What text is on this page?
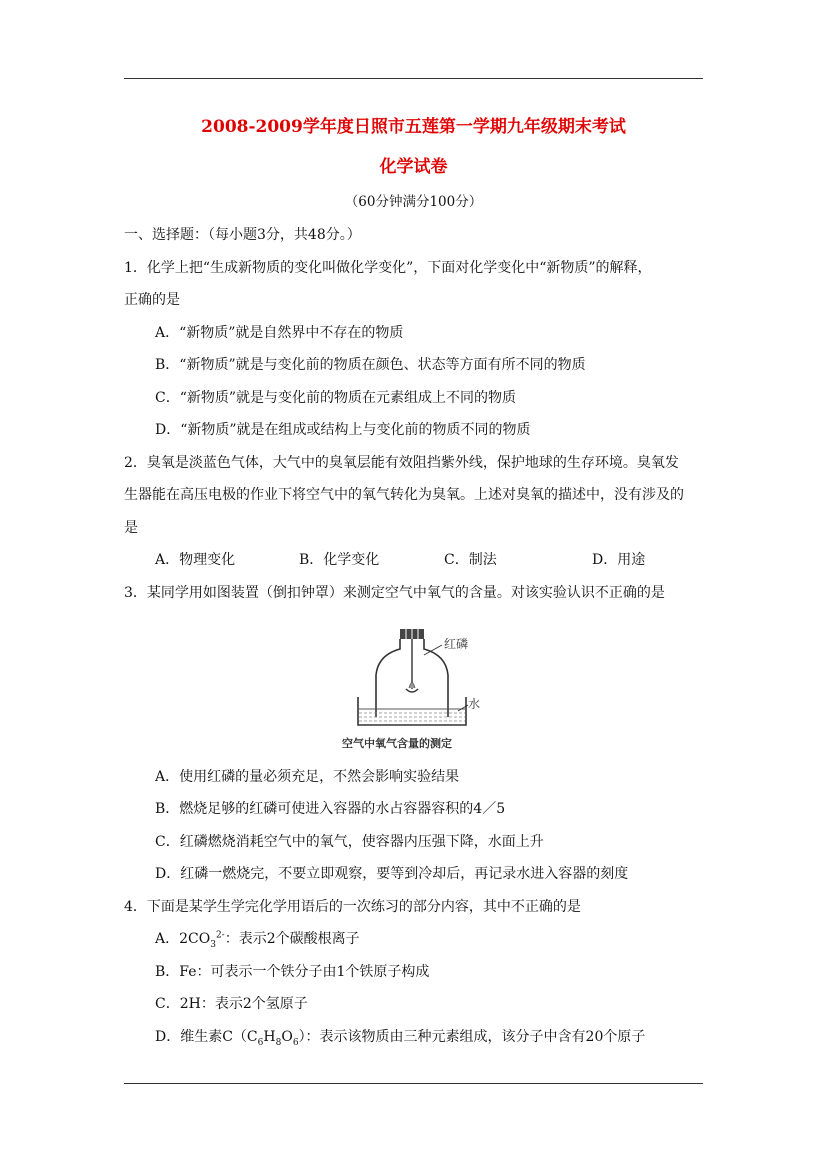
2008-2009学年度日照市五莲第一学期九年级期末考试
化学试卷
（60分钟满分100分）
一、选择题：（每小题3分，共48分。）
1．化学上把“生成新物质的变化叫做化学变化”，下面对化学变化中“新物质”的解释，
正确的是
A．“新物质”就是自然界中不存在的物质
B．“新物质”就是与变化前的物质在颜色、状态等方面有所不同的物质
C．“新物质”就是与变化前的物质在元素组成上不同的物质
D．“新物质”就是在组成或结构上与变化前的物质不同的物质
2．臭氧是淡蓝色气体，大气中的臭氧层能有效阻挡紫外线，保护地球的生存环境。臭氧发
生器能在高压电极的作业下将空气中的氧气转化为臭氧。上述对臭氧的描述中，没有涉及的
是
A．物理变化	B．化学变化	C．制法	D．用途
3．某同学用如图装置（倒扣钟罩）来测定空气中氧气的含量。对该实验认识不正确的是
红磷
水
空气中氧气含量的测定
A．使用红磷的量必须充足，不然会影响实验结果
B．燃烧足够的红磷可使进入容器的水占容器容积的4／5
C．红磷燃烧消耗空气中的氧气，使容器内压强下降，水面上升
D．红磷一燃烧完，不要立即观察，要等到冷却后，再记录水进入容器的刻度
4．下面是某学生学完化学用语后的一次练习的部分内容，其中不正确的是
A．$2CO_3^{2-}$：表示2个碳酸根离子
B．Fe：可表示一个铁分子由1个铁原子构成
C．2H：表示2个氢原子
D．维生素$C(C_6H_8O_6)$：表示该物质由三种元素组成，该分子中含有20个原子
